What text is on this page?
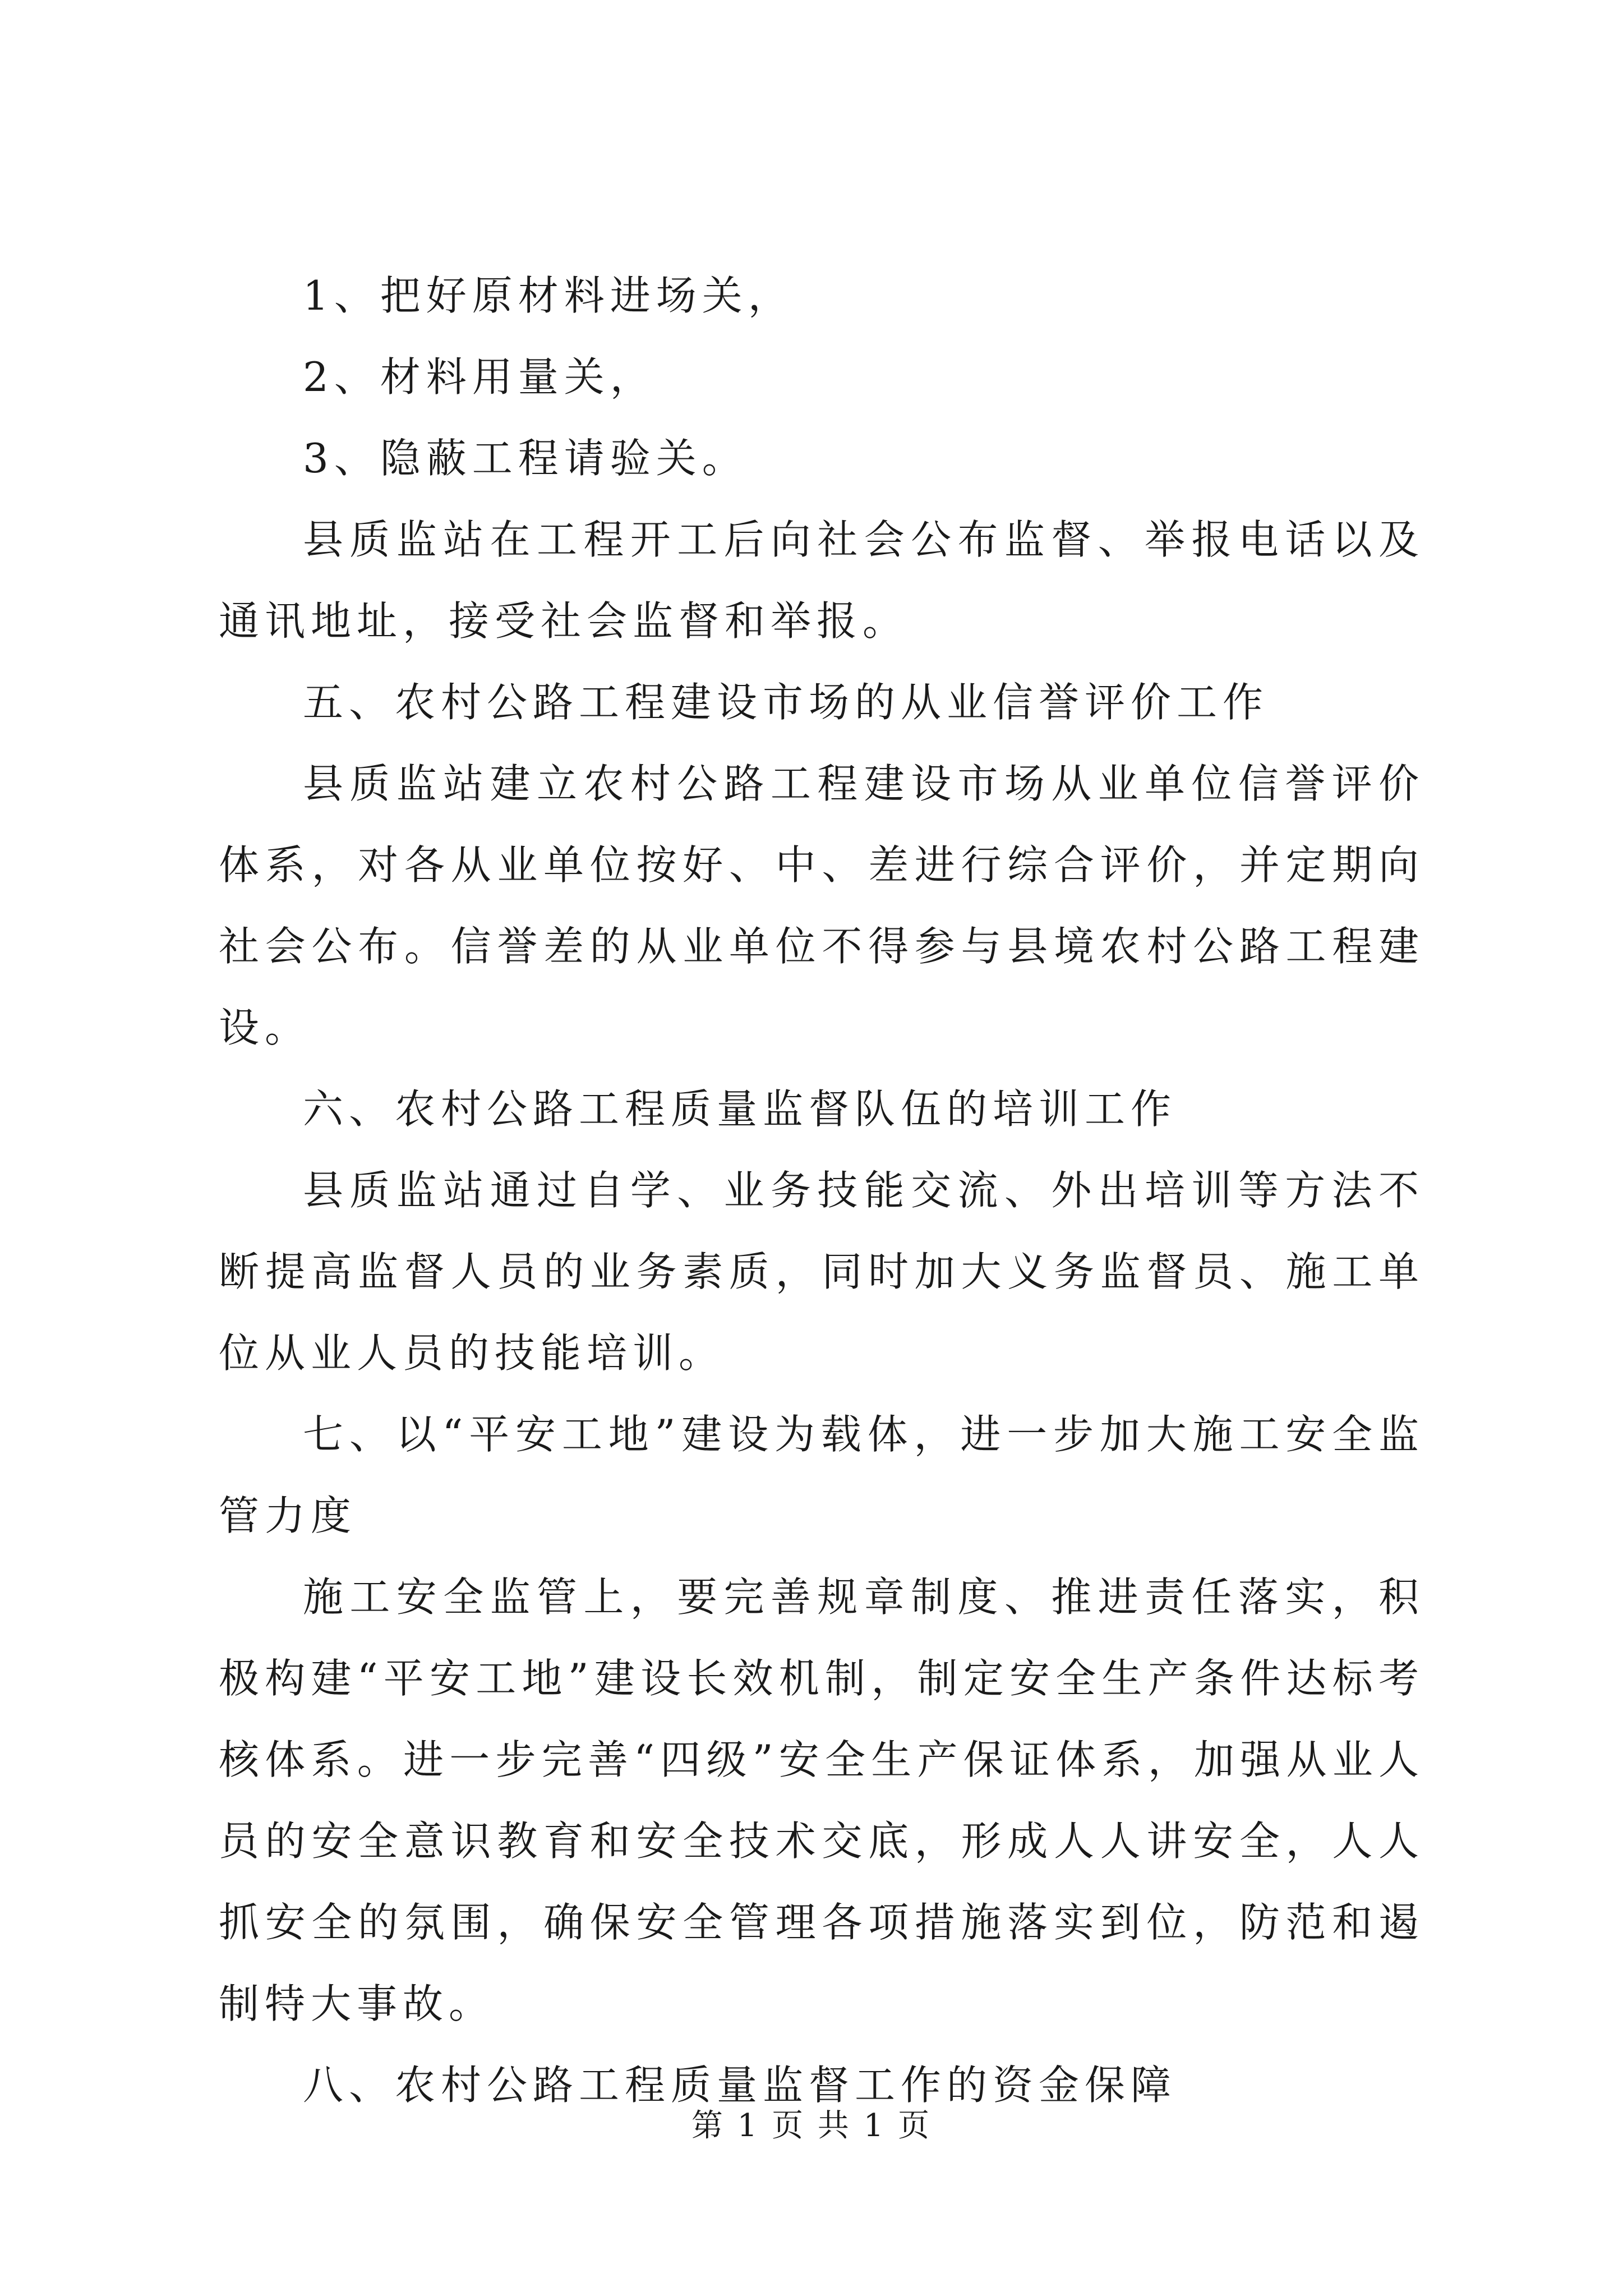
1、把好原材料进场关，

2、材料用量关，

3、隐蔽工程请验关。

县质监站在工程开工后向社会公布监督、举报电话以及通讯地址，接受社会监督和举报。

五、农村公路工程建设市场的从业信誉评价工作

县质监站建立农村公路工程建设市场从业单位信誉评价体系，对各从业单位按好、中、差进行综合评价，并定期向社会公布。信誉差的从业单位不得参与县境农村公路工程建设。

六、农村公路工程质量监督队伍的培训工作

县质监站通过自学、业务技能交流、外出培训等方法不断提高监督人员的业务素质，同时加大义务监督员、施工单位从业人员的技能培训。

七、以“平安工地”建设为载体，进一步加大施工安全监管力度

施工安全监管上，要完善规章制度、推进责任落实，积极构建“平安工地”建设长效机制，制定安全生产条件达标考核体系。进一步完善“四级”安全生产保证体系，加强从业人员的安全意识教育和安全技术交底，形成人人讲安全，人人抓安全的氛围，确保安全管理各项措施落实到位，防范和遏制特大事故。

八、农村公路工程质量监督工作的资金保障

第 1 页 共 1 页
